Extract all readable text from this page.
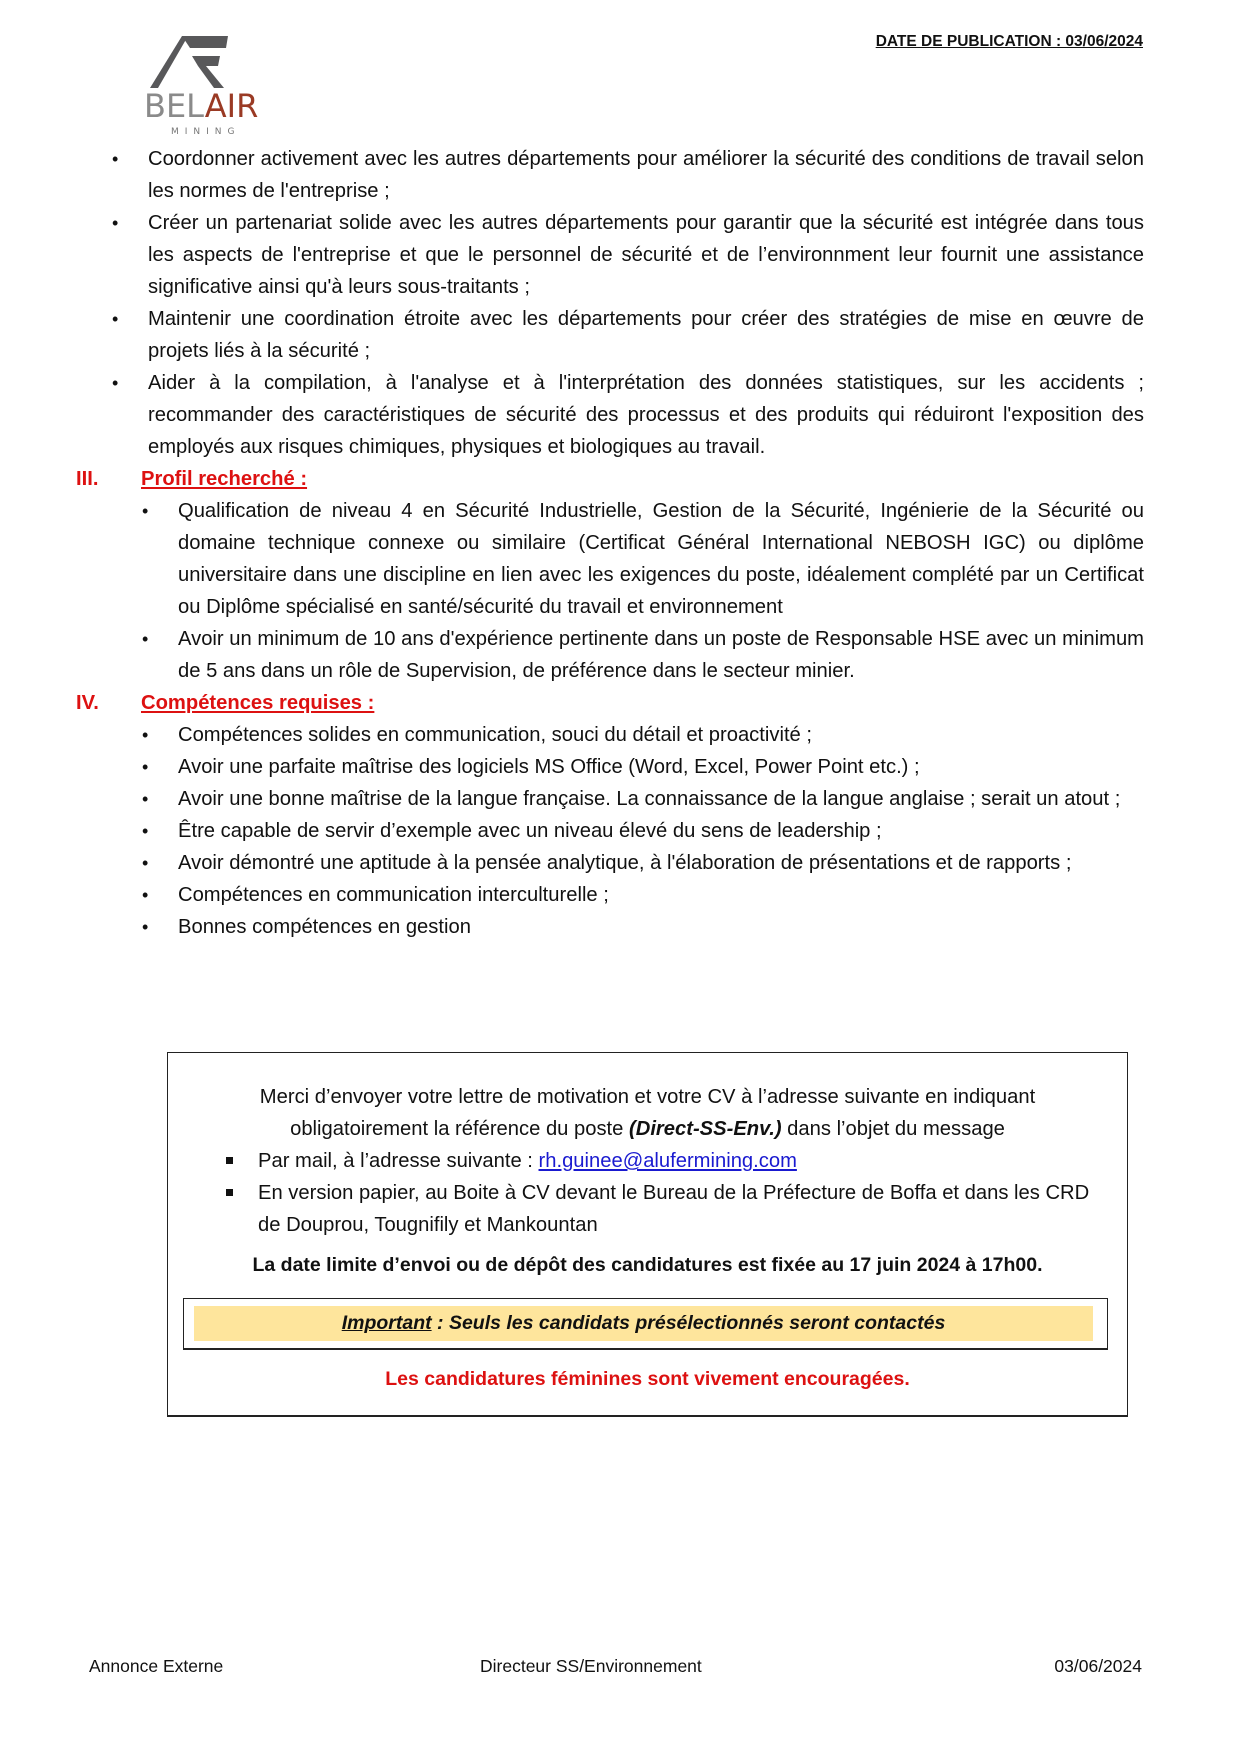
BELAIR
MINING
DATE DE PUBLICATION : 03/06/2024
• Coordonner activement avec les autres départements pour améliorer la sécurité des conditions de travail selon les normes de l'entreprise ;
• Créer un partenariat solide avec les autres départements pour garantir que la sécurité est intégrée dans tous les aspects de l'entreprise et que le personnel de sécurité et de l’environnment leur fournit une assistance significative ainsi qu'à leurs sous-traitants ;
• Maintenir une coordination étroite avec les départements pour créer des stratégies de mise en œuvre de projets liés à la sécurité ;
• Aider à la compilation, à l'analyse et à l'interprétation des données statistiques, sur les accidents ; recommander des caractéristiques de sécurité des processus et des produits qui réduiront l'exposition des employés aux risques chimiques, physiques et biologiques au travail.
III. Profil recherché :
• Qualification de niveau 4 en Sécurité Industrielle, Gestion de la Sécurité, Ingénierie de la Sécurité ou domaine technique connexe ou similaire (Certificat Général International NEBOSH IGC) ou diplôme universitaire dans une discipline en lien avec les exigences du poste, idéalement complété par un Certificat ou Diplôme spécialisé en santé/sécurité du travail et environnement
• Avoir un minimum de 10 ans d'expérience pertinente dans un poste de Responsable HSE avec un minimum de 5 ans dans un rôle de Supervision, de préférence dans le secteur minier.
IV. Compétences requises :
• Compétences solides en communication, souci du détail et proactivité ;
• Avoir une parfaite maîtrise des logiciels MS Office (Word, Excel, Power Point etc.) ;
• Avoir une bonne maîtrise de la langue française. La connaissance de la langue anglaise ; serait un atout ;
• Être capable de servir d’exemple avec un niveau élevé du sens de leadership ;
• Avoir démontré une aptitude à la pensée analytique, à l'élaboration de présentations et de rapports ;
• Compétences en communication interculturelle ;
• Bonnes compétences en gestion
Merci d’envoyer votre lettre de motivation et votre CV à l’adresse suivante en indiquant
obligatoirement la référence du poste (Direct-SS-Env.) dans l’objet du message
Par mail, à l’adresse suivante : rh.guinee@alufermining.com
En version papier, au Boite à CV devant le Bureau de la Préfecture de Boffa et dans les CRD de Douprou, Tougnifily et Mankountan
La date limite d’envoi ou de dépôt des candidatures est fixée au 17 juin 2024 à 17h00.
Important : Seuls les candidats présélectionnés seront contactés
Les candidatures féminines sont vivement encouragées.
Annonce Externe	Directeur SS/Environnement	03/06/2024
